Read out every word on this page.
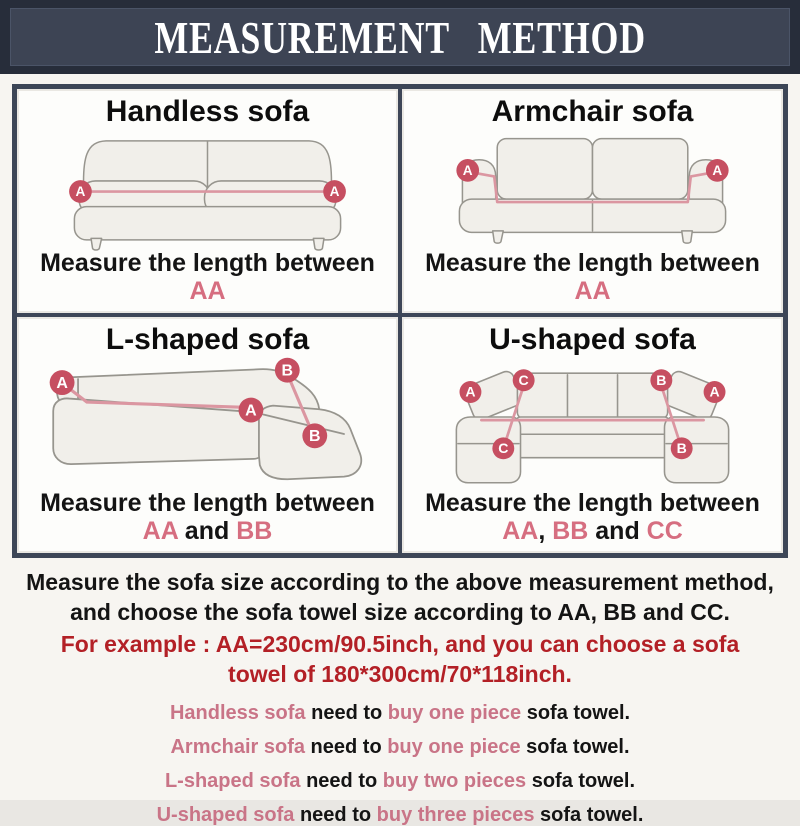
MEASUREMENT METHOD
Handless sofa
A	A

Measure the length between AA

Armchair sofa
A	A

Measure the length between AA

L-shaped sofa
A
A
B
B

Measure the length between AA and BB

U-shaped sofa
A
C
C
B
B
A

Measure the length between AA, BB and CC

Measure the sofa size according to the above measurement method, and choose the sofa towel size according to AA, BB and CC.

For example : AA=230cm/90.5inch, and you can choose a sofa towel of 180*300cm/70*118inch.

Handless sofa need to buy one piece sofa towel.

Armchair sofa need to buy one piece sofa towel.

L-shaped sofa need to buy two pieces sofa towel.

U-shaped sofa need to buy three pieces sofa towel.
